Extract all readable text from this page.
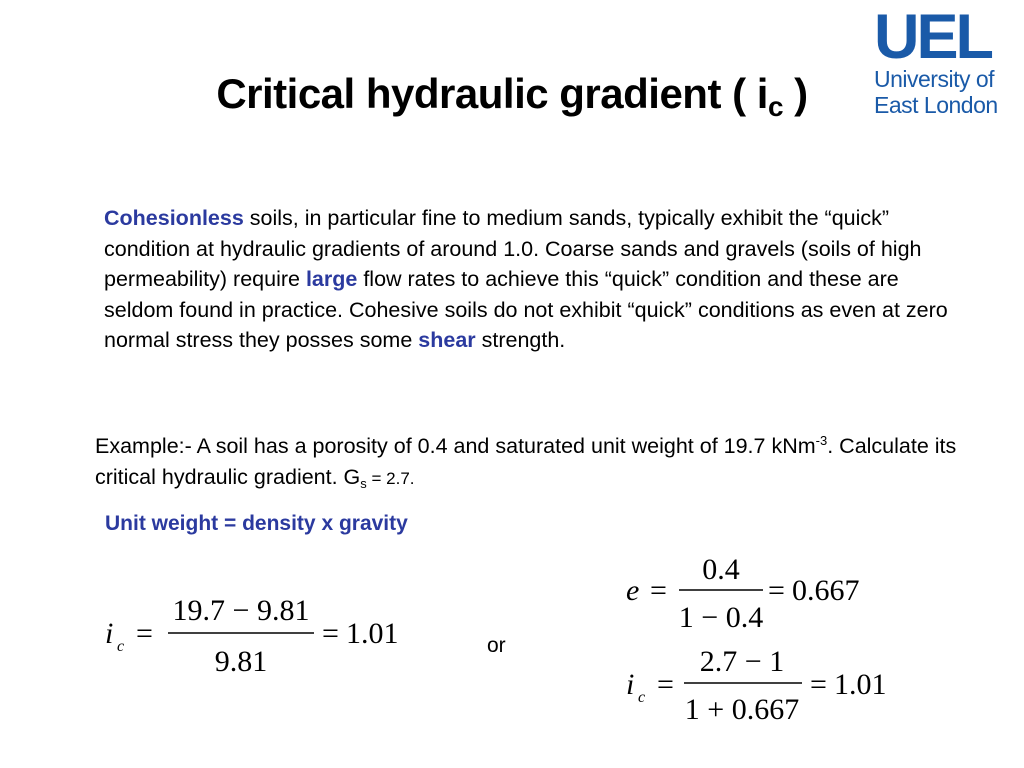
Critical hydraulic gradient ( $i_c$ )
UEL
University of
East London
Cohesionless soils, in particular fine to medium sands, typically exhibit the “quick” condition at hydraulic gradients of around 1.0. Coarse sands and gravels (soils of high permeability) require large flow rates to achieve this “quick” condition and these are seldom found in practice. Cohesive soils do not exhibit “quick” conditions as even at zero normal stress they posses some shear strength.
Example:- A soil has a porosity of 0.4 and saturated unit weight of 19.7 kNm$^{-3}$. Calculate its critical hydraulic gradient. Gs = 2.7.
Unit weight = density x gravity
i c =
19.7 − 9.81
9.81
= 1.01	or
e =
0.4
1 − 0.4
= 0.667
i c =
2.7 − 1
1 + 0.667
= 1.01
